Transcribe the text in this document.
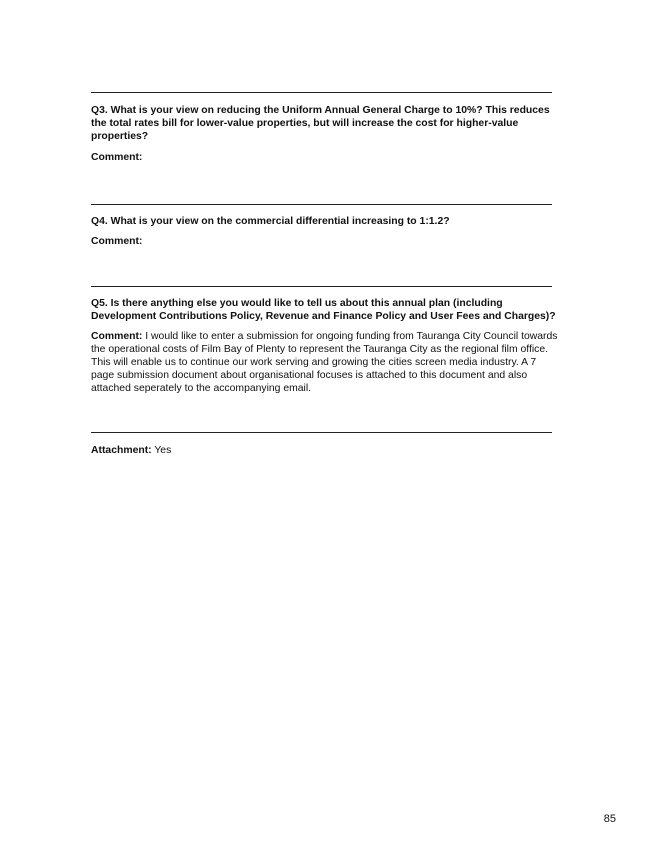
Q3. What is your view on reducing the Uniform Annual General Charge to 10%? This reduces the total rates bill for lower-value properties, but will increase the cost for higher-value properties?

Comment:

Q4. What is your view on the commercial differential increasing to 1:1.2?

Comment:

Q5. Is there anything else you would like to tell us about this annual plan (including Development Contributions Policy, Revenue and Finance Policy and User Fees and Charges)?

Comment: I would like to enter a submission for ongoing funding from Tauranga City Council towards the operational costs of Film Bay of Plenty to represent the Tauranga City as the regional film office. This will enable us to continue our work serving and growing the cities screen media industry. A 7 page submission document about organisational focuses is attached to this document and also attached seperately to the accompanying email.

Attachment: Yes

85
